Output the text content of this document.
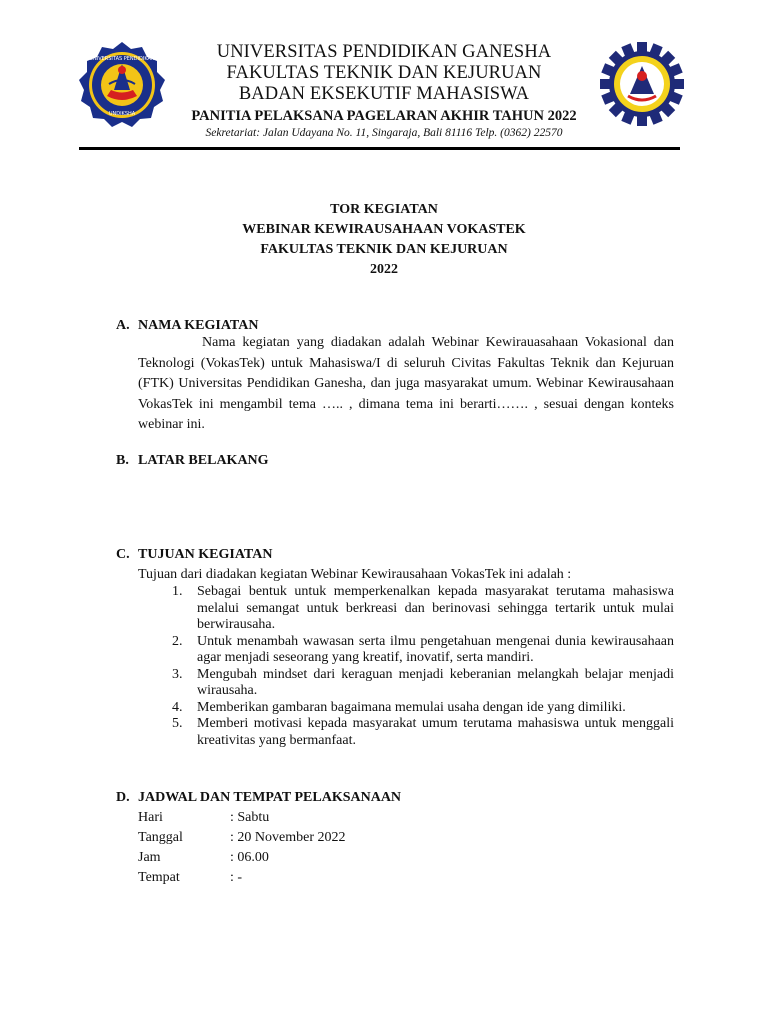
UNIVERSITAS PENDIDIKAN
UNDIKSHA
UNIVERSITAS PENDIDIKAN GANESHA
FAKULTAS TEKNIK DAN KEJURUAN
BADAN EKSEKUTIF MAHASISWA
PANITIA PELAKSANA PAGELARAN AKHIR TAHUN 2022
Sekretariat: Jalan Udayana No. 11, Singaraja, Bali 81116 Telp. (0362) 22570
TOR KEGIATAN
WEBINAR KEWIRAUSAHAAN VOKASTEK
FAKULTAS TEKNIK DAN KEJURUAN
2022
A. NAMA KEGIATAN
Nama kegiatan yang diadakan adalah Webinar Kewirauasahaan Vokasional dan Teknologi (VokasTek) untuk Mahasiswa/I di seluruh Civitas Fakultas Teknik dan Kejuruan (FTK) Universitas Pendidikan Ganesha, dan juga masyarakat umum. Webinar Kewirausahaan VokasTek ini mengambil tema ….. , dimana tema ini berarti……. , sesuai dengan konteks webinar ini.
B. LATAR BELAKANG
C. TUJUAN KEGIATAN
Tujuan dari diadakan kegiatan Webinar Kewirausahaan VokasTek ini adalah :
1. Sebagai bentuk untuk memperkenalkan kepada masyarakat terutama mahasiswa melalui semangat untuk berkreasi dan berinovasi sehingga tertarik untuk mulai berwirausaha.
2. Untuk menambah wawasan serta ilmu pengetahuan mengenai dunia kewirausahaan agar menjadi seseorang yang kreatif, inovatif, serta mandiri.
3. Mengubah mindset dari keraguan menjadi keberanian melangkah belajar menjadi wirausaha.
4. Memberikan gambaran bagaimana memulai usaha dengan ide yang dimiliki.
5. Memberi motivasi kepada masyarakat umum terutama mahasiswa untuk menggali kreativitas yang bermanfaat.
D. JADWAL DAN TEMPAT PELAKSANAAN
Hari	: Sabtu
Tanggal	: 20 November 2022
Jam	: 06.00
Tempat	: -
